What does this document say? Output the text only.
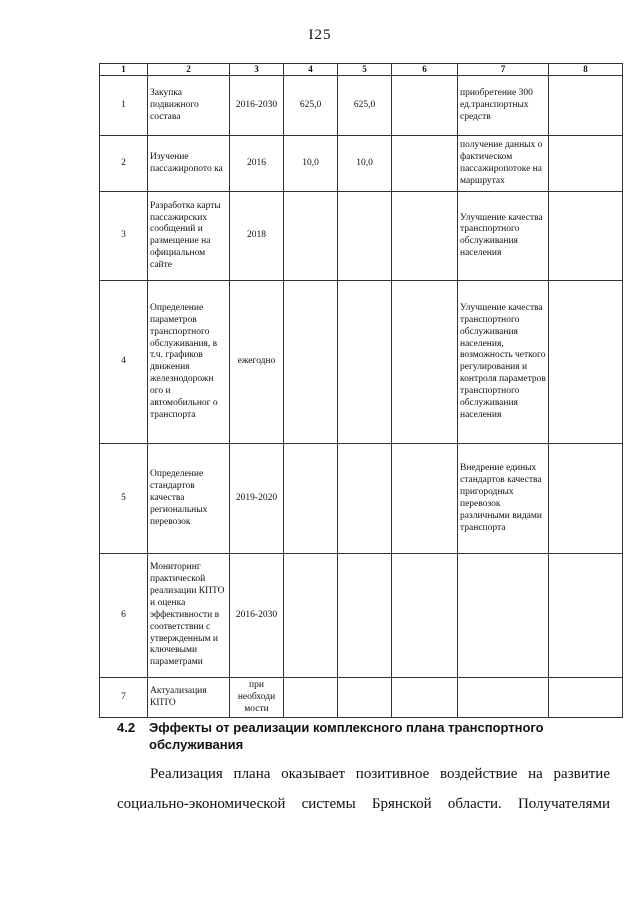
I25
1	2	3	4	5	6	7	8
1	Закупка подвижного состава	2016-2030	625,0	625,0		приобретение 300 ед.транспортных средств	
2	Изучение пассажиропото ка	2016	10,0	10,0		получение данных о фактическом пассажиропотоке на маршрутах	
3	Разработка карты пассажирских сообщений и размещение на официальном сайте	2018				Улучшение качества транспортного обслуживания населения	
4	Определение параметров транспортного обслуживания, в т.ч. графиков движения железнодорожн ого и автомобильног о транспорта	ежегодно				Улучшение качества транспортного обслуживания населения, возможность четкого регулирования и контроля параметров транспортного обслуживания населения	
5	Определение стандартов качества региональных перевозок	2019-2020				Внедрение единых стандартов качества пригородных перевозок различными видами транспорта	
6	Мониторинг практической реализации КПТО и оценка эффективности в соответствии с утвержденным и ключевыми параметрами	2016-2030					
7	Актуализация КПТО	при необходи мости					
4.2 Эффекты от реализации комплексного плана транспортного
обслуживания
Реализация плана оказывает позитивное воздействие на развитие
социально-экономической системы Брянской области. Получателями
